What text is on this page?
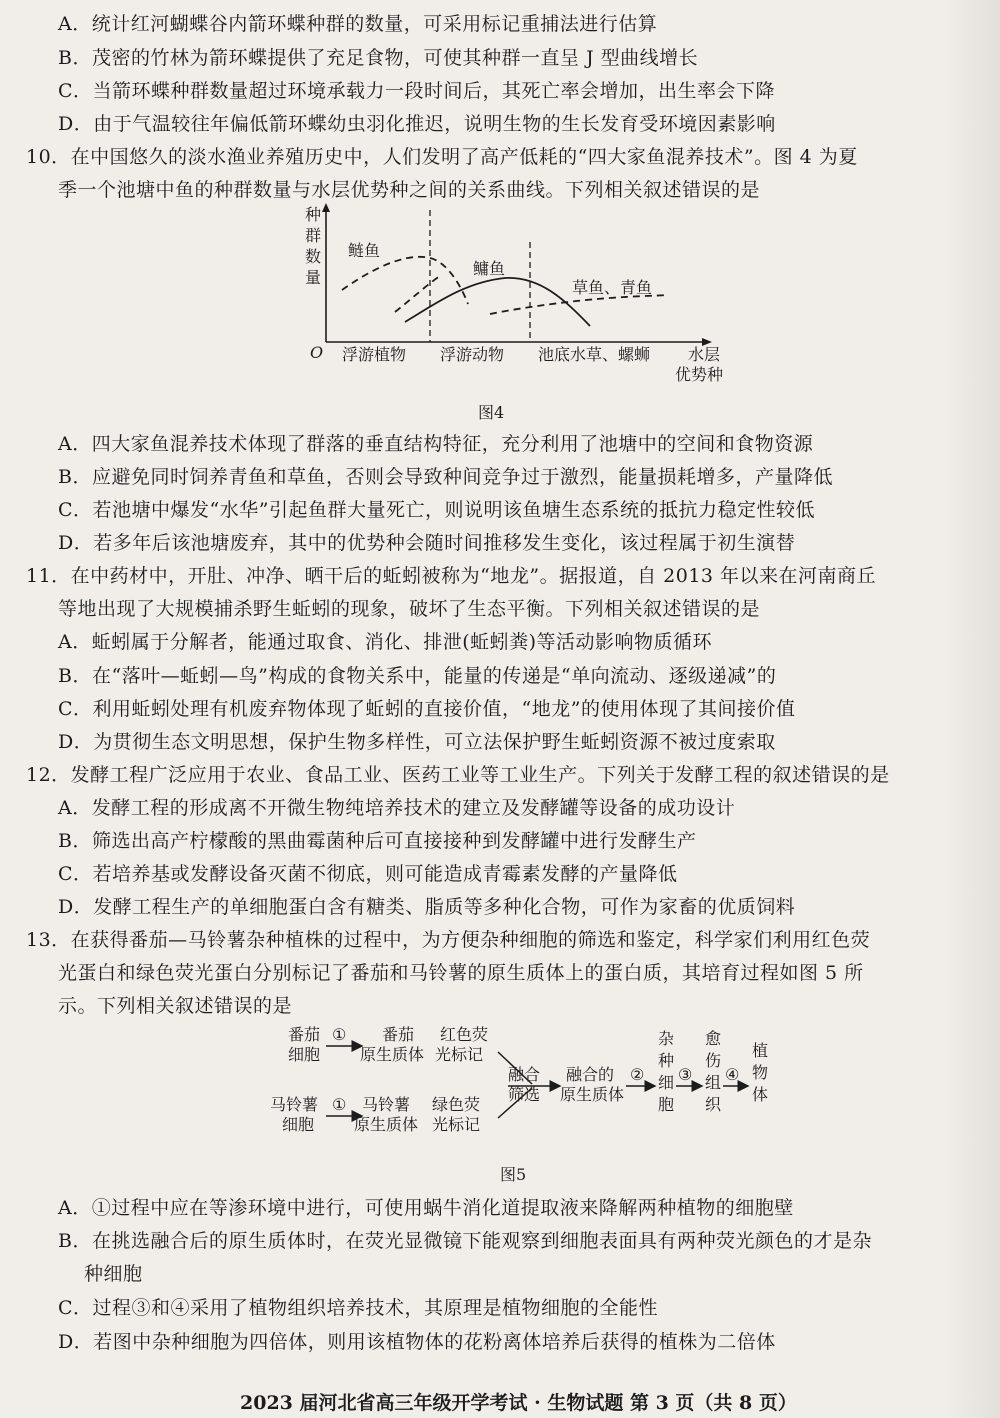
A．统计红河蝴蝶谷内箭环蝶种群的数量，可采用标记重捕法进行估算
B．茂密的竹林为箭环蝶提供了充足食物，可使其种群一直呈 J 型曲线增长
C．当箭环蝶种群数量超过环境承载力一段时间后，其死亡率会增加，出生率会下降
D．由于气温较往年偏低箭环蝶幼虫羽化推迟，说明生物的生长发育受环境因素影响
10．在中国悠久的淡水渔业养殖历史中，人们发明了高产低耗的“四大家鱼混养技术”。图 4 为夏
季一个池塘中鱼的种群数量与水层优势种之间的关系曲线。下列相关叙述错误的是
种
群
数
量
O
鲢鱼
鳙鱼
草鱼、青鱼
浮游植物 浮游动物 池底水草、螺蛳 水层
优势种
图4
A．四大家鱼混养技术体现了群落的垂直结构特征，充分利用了池塘中的空间和食物资源
B．应避免同时饲养青鱼和草鱼，否则会导致种间竞争过于激烈，能量损耗增多，产量降低
C．若池塘中爆发“水华”引起鱼群大量死亡，则说明该鱼塘生态系统的抵抗力稳定性较低
D．若多年后该池塘废弃，其中的优势种会随时间推移发生变化，该过程属于初生演替
11．在中药材中，开肚、冲净、晒干后的蚯蚓被称为“地龙”。据报道，自 2013 年以来在河南商丘
等地出现了大规模捕杀野生蚯蚓的现象，破坏了生态平衡。下列相关叙述错误的是
A．蚯蚓属于分解者，能通过取食、消化、排泄(蚯蚓粪)等活动影响物质循环
B．在“落叶—蚯蚓—鸟”构成的食物关系中，能量的传递是“单向流动、逐级递减”的
C．利用蚯蚓处理有机废弃物体现了蚯蚓的直接价值，“地龙”的使用体现了其间接价值
D．为贯彻生态文明思想，保护生物多样性，可立法保护野生蚯蚓资源不被过度索取
12．发酵工程广泛应用于农业、食品工业、医药工业等工业生产。下列关于发酵工程的叙述错误的是
A．发酵工程的形成离不开微生物纯培养技术的建立及发酵罐等设备的成功设计
B．筛选出高产柠檬酸的黑曲霉菌种后可直接接种到发酵罐中进行发酵生产
C．若培养基或发酵设备灭菌不彻底，则可能造成青霉素发酵的产量降低
D．发酵工程生产的单细胞蛋白含有糖类、脂质等多种化合物，可作为家畜的优质饲料
13．在获得番茄—马铃薯杂种植株的过程中，为方便杂种细胞的筛选和鉴定，科学家们利用红色荧
光蛋白和绿色荧光蛋白分别标记了番茄和马铃薯的原生质体上的蛋白质，其培育过程如图 5 所
示。下列相关叙述错误的是
番茄
细胞
① 番茄
原生质体
红色荧
光标记
马铃薯
细胞
① 马铃薯
原生质体
绿色荧
光标记
融合
筛选
融合的
原生质体
②
杂
种
细
胞
③
愈
伤
组
织
④
植
物
体
图5
A．①过程中应在等渗环境中进行，可使用蜗牛消化道提取液来降解两种植物的细胞壁
B．在挑选融合后的原生质体时，在荧光显微镜下能观察到细胞表面具有两种荧光颜色的才是杂
种细胞
C．过程③和④采用了植物组织培养技术，其原理是植物细胞的全能性
D．若图中杂种细胞为四倍体，则用该植物体的花粉离体培养后获得的植株为二倍体
2023 届河北省高三年级开学考试 · 生物试题 第 3 页（共 8 页）
